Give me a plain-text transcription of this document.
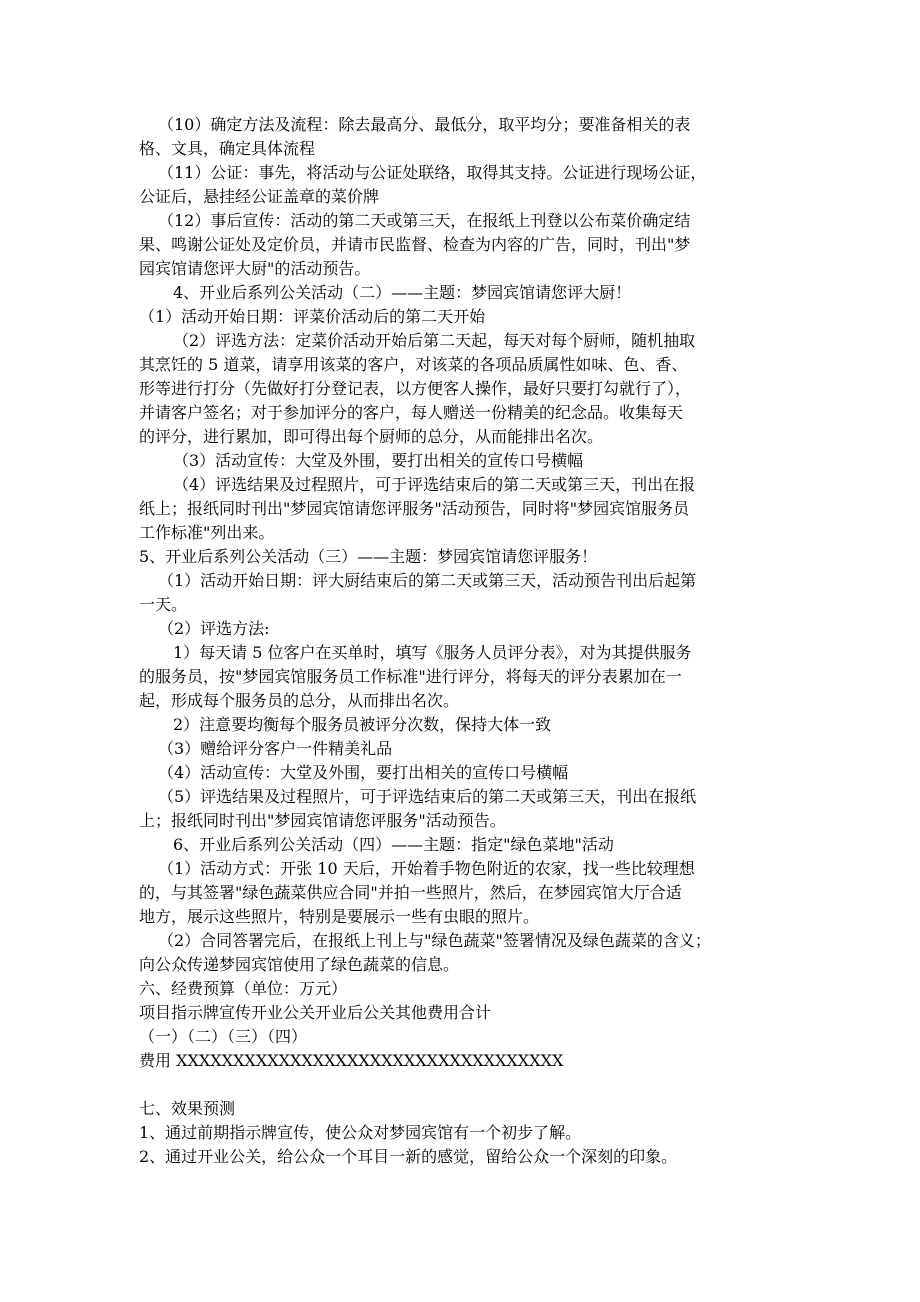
（10）确定方法及流程：除去最高分、最低分，取平均分；要准备相关的表

格、文具，确定具体流程

（11）公证：事先，将活动与公证处联络，取得其支持。公证进行现场公证，

公证后，悬挂经公证盖章的菜价牌

（12）事后宣传：活动的第二天或第三天，在报纸上刊登以公布菜价确定结

果、鸣谢公证处及定价员，并请市民监督、检查为内容的广告，同时，刊出"梦

园宾馆请您评大厨"的活动预告。

4、开业后系列公关活动（二）——主题：梦园宾馆请您评大厨！

（1）活动开始日期：评菜价活动后的第二天开始

（2）评选方法：定菜价活动开始后第二天起，每天对每个厨师，随机抽取

其烹饪的 5 道菜，请享用该菜的客户，对该菜的各项品质属性如味、色、香、

形等进行打分（先做好打分登记表，以方便客人操作，最好只要打勾就行了），

并请客户签名；对于参加评分的客户，每人赠送一份精美的纪念品。收集每天

的评分，进行累加，即可得出每个厨师的总分，从而能排出名次。

（3）活动宣传：大堂及外围，要打出相关的宣传口号横幅

（4）评选结果及过程照片，可于评选结束后的第二天或第三天，刊出在报

纸上；报纸同时刊出"梦园宾馆请您评服务"活动预告，同时将"梦园宾馆服务员

工作标准"列出来。

5、开业后系列公关活动（三）——主题：梦园宾馆请您评服务！

（1）活动开始日期：评大厨结束后的第二天或第三天，活动预告刊出后起第

一天。

（2）评选方法:

1）每天请 5 位客户在买单时，填写《服务人员评分表》，对为其提供服务

的服务员，按"梦园宾馆服务员工作标准"进行评分，将每天的评分表累加在一

起，形成每个服务员的总分，从而排出名次。

2）注意要均衡每个服务员被评分次数，保持大体一致

（3）赠给评分客户一件精美礼品

（4）活动宣传：大堂及外围，要打出相关的宣传口号横幅

（5）评选结果及过程照片，可于评选结束后的第二天或第三天，刊出在报纸

上；报纸同时刊出"梦园宾馆请您评服务"活动预告。

6、开业后系列公关活动（四）——主题：指定"绿色菜地"活动

（1）活动方式：开张 10 天后，开始着手物色附近的农家，找一些比较理想

的，与其签署"绿色蔬菜供应合同"并拍一些照片，然后，在梦园宾馆大厅合适

地方，展示这些照片，特别是要展示一些有虫眼的照片。

（2）合同答署完后，在报纸上刊上与"绿色蔬菜"签署情况及绿色蔬菜的含义；

向公众传递梦园宾馆使用了绿色蔬菜的信息。

六、经费预算（单位：万元）

项目指示牌宣传开业公关开业后公关其他费用合计

（一）（二）（三）（四）

费用 XXXXXXXXXXXXXXXXXXXXXXXXXXXXXXXXXX

七、效果预测

1、通过前期指示牌宣传，使公众对梦园宾馆有一个初步了解。

2、通过开业公关，给公众一个耳目一新的感觉，留给公众一个深刻的印象。
